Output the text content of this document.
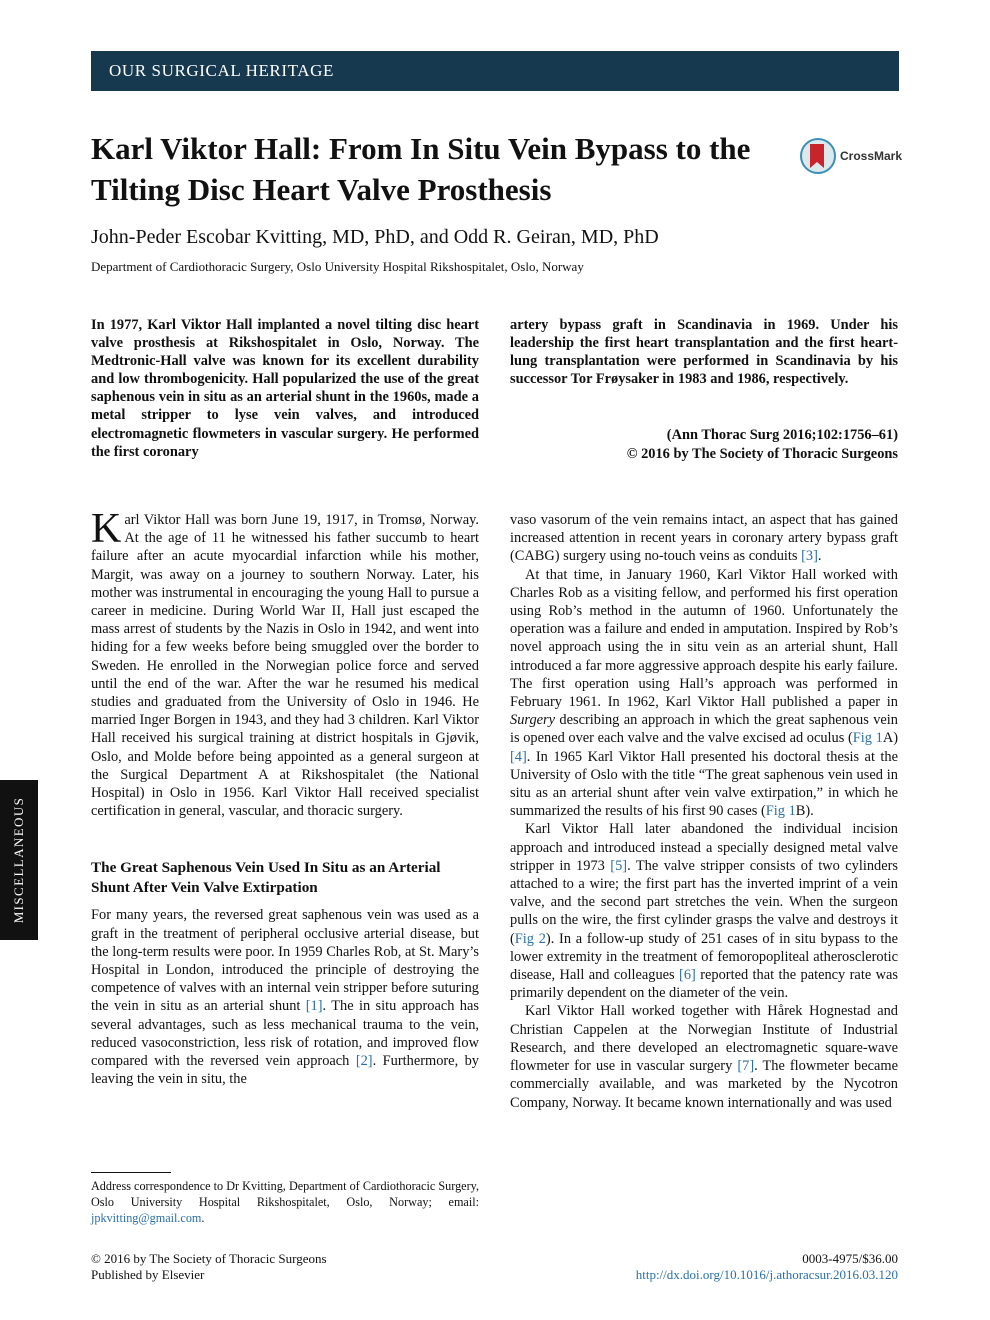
OUR SURGICAL HERITAGE
Karl Viktor Hall: From In Situ Vein Bypass to the Tilting Disc Heart Valve Prosthesis
CrossMark
John-Peder Escobar Kvitting, MD, PhD, and Odd R. Geiran, MD, PhD
Department of Cardiothoracic Surgery, Oslo University Hospital Rikshospitalet, Oslo, Norway

In 1977, Karl Viktor Hall implanted a novel tilting disc heart valve prosthesis at Rikshospitalet in Oslo, Norway. The Medtronic-Hall valve was known for its excellent durability and low thrombogenicity. Hall popularized the use of the great saphenous vein in situ as an arterial shunt in the 1960s, made a metal stripper to lyse vein valves, and introduced electromagnetic flowmeters in vascular surgery. He performed the first coronary

artery bypass graft in Scandinavia in 1969. Under his leadership the first heart transplantation and the first heart-lung transplantation were performed in Scandinavia by his successor Tor Frøysaker in 1983 and 1986, respectively.

(Ann Thorac Surg 2016;102:1756–61)
© 2016 by The Society of Thoracic Surgeons
MISCELLANEOUS

Karl Viktor Hall was born June 19, 1917, in Tromsø, Norway. At the age of 11 he witnessed his father succumb to heart failure after an acute myocardial infarction while his mother, Margit, was away on a journey to southern Norway. Later, his mother was instrumental in encouraging the young Hall to pursue a career in medicine. During World War II, Hall just escaped the mass arrest of students by the Nazis in Oslo in 1942, and went into hiding for a few weeks before being smuggled over the border to Sweden. He enrolled in the Norwegian police force and served until the end of the war. After the war he resumed his medical studies and graduated from the University of Oslo in 1946. He married Inger Borgen in 1943, and they had 3 children. Karl Viktor Hall received his surgical training at district hospitals in Gjøvik, Oslo, and Molde before being appointed as a general surgeon at the Surgical Department A at Rikshospitalet (the National Hospital) in Oslo in 1956. Karl Viktor Hall received specialist certification in general, vascular, and thoracic surgery.

The Great Saphenous Vein Used In Situ as an Arterial Shunt After Vein Valve Extirpation

For many years, the reversed great saphenous vein was used as a graft in the treatment of peripheral occlusive arterial disease, but the long-term results were poor. In 1959 Charles Rob, at St. Mary’s Hospital in London, introduced the principle of destroying the competence of valves with an internal vein stripper before suturing the vein in situ as an arterial shunt [1]. The in situ approach has several advantages, such as less mechanical trauma to the vein, reduced vasoconstriction, less risk of rotation, and improved flow compared with the reversed vein approach [2]. Furthermore, by leaving the vein in situ, the

vaso vasorum of the vein remains intact, an aspect that has gained increased attention in recent years in coronary artery bypass graft (CABG) surgery using no-touch veins as conduits [3].

At that time, in January 1960, Karl Viktor Hall worked with Charles Rob as a visiting fellow, and performed his first operation using Rob’s method in the autumn of 1960. Unfortunately the operation was a failure and ended in amputation. Inspired by Rob’s novel approach using the in situ vein as an arterial shunt, Hall introduced a far more aggressive approach despite his early failure. The first operation using Hall’s approach was performed in February 1961. In 1962, Karl Viktor Hall published a paper in Surgery describing an approach in which the great saphenous vein is opened over each valve and the valve excised ad oculus (Fig 1A) [4]. In 1965 Karl Viktor Hall presented his doctoral thesis at the University of Oslo with the title “The great saphenous vein used in situ as an arterial shunt after vein valve extirpation,” in which he summarized the results of his first 90 cases (Fig 1B).

Karl Viktor Hall later abandoned the individual incision approach and introduced instead a specially designed metal valve stripper in 1973 [5]. The valve stripper consists of two cylinders attached to a wire; the first part has the inverted imprint of a vein valve, and the second part stretches the vein. When the surgeon pulls on the wire, the first cylinder grasps the valve and destroys it (Fig 2). In a follow-up study of 251 cases of in situ bypass to the lower extremity in the treatment of femoropopliteal atherosclerotic disease, Hall and colleagues [6] reported that the patency rate was primarily dependent on the diameter of the vein.

Karl Viktor Hall worked together with Hårek Hognestad and Christian Cappelen at the Norwegian Institute of Industrial Research, and there developed an electromagnetic square-wave flowmeter for use in vascular surgery [7]. The flowmeter became commercially available, and was marketed by the Nycotron Company, Norway. It became known internationally and was used

Address correspondence to Dr Kvitting, Department of Cardiothoracic Surgery, Oslo University Hospital Rikshospitalet, Oslo, Norway; email: jpkvitting@gmail.com.

© 2016 by The Society of Thoracic Surgeons
Published by Elsevier
0003-4975/$36.00
http://dx.doi.org/10.1016/j.athoracsur.2016.03.120
